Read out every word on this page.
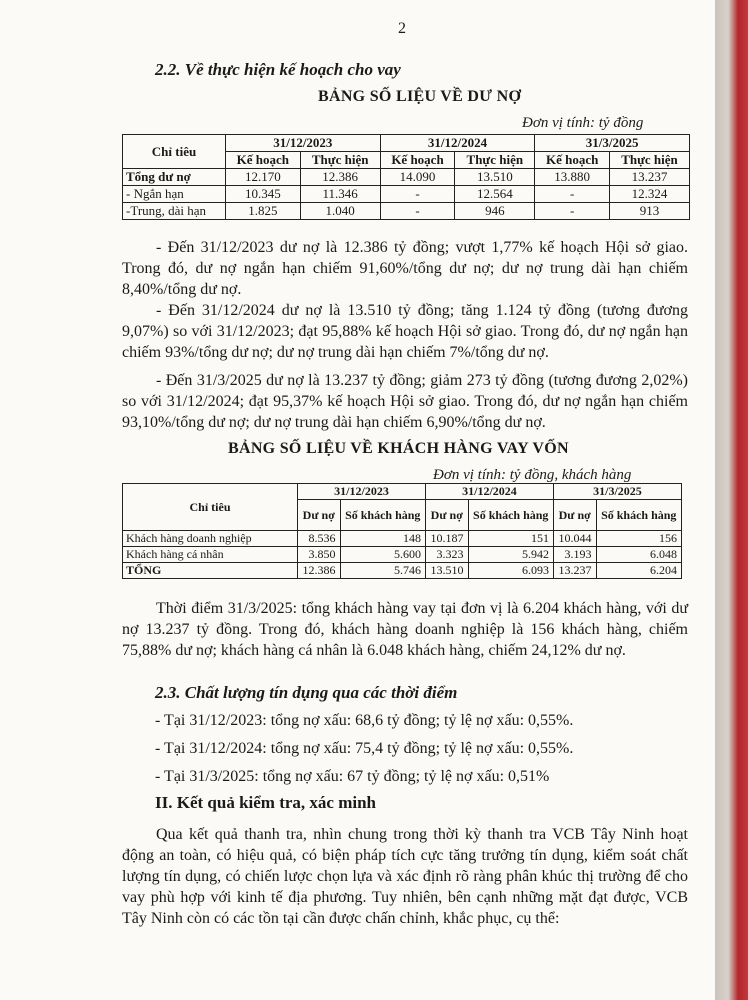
2
2.2. Về thực hiện kế hoạch cho vay
BẢNG SỐ LIỆU VỀ DƯ NỢ
Đơn vị tính: tỷ đồng
Chỉ tiêu	31/12/2023		31/12/2024		31/3/2025	
	Kế hoạch	Thực hiện	Kế hoạch	Thực hiện	Kế hoạch	Thực hiện
Tổng dư nợ	12.170	12.386	14.090	13.510	13.880	13.237
- Ngắn hạn	10.345	11.346	-	12.564	-	12.324
-Trung, dài hạn	1.825	1.040	-	946	-	913
- Đến 31/12/2023 dư nợ là 12.386 tỷ đồng; vượt 1,77% kế hoạch Hội sở giao. Trong đó, dư nợ ngắn hạn chiếm 91,60%/tổng dư nợ; dư nợ trung dài hạn chiếm 8,40%/tổng dư nợ.
- Đến 31/12/2024 dư nợ là 13.510 tỷ đồng; tăng 1.124 tỷ đồng (tương đương 9,07%) so với 31/12/2023; đạt 95,88% kế hoạch Hội sở giao. Trong đó, dư nợ ngắn hạn chiếm 93%/tổng dư nợ; dư nợ trung dài hạn chiếm 7%/tổng dư nợ.
- Đến 31/3/2025 dư nợ là 13.237 tỷ đồng; giảm 273 tỷ đồng (tương đương 2,02%) so với 31/12/2024; đạt 95,37% kế hoạch Hội sở giao. Trong đó, dư nợ ngắn hạn chiếm 93,10%/tổng dư nợ; dư nợ trung dài hạn chiếm 6,90%/tổng dư nợ.
BẢNG SỐ LIỆU VỀ KHÁCH HÀNG VAY VỐN
Đơn vị tính: tỷ đồng, khách hàng
Chỉ tiêu	31/12/2023		31/12/2024		31/3/2025	
	Dư nợ	Số khách hàng	Dư nợ	Số khách hàng	Dư nợ	Số khách hàng
Khách hàng doanh nghiệp	8.536	148	10.187	151	10.044	156
Khách hàng cá nhân	3.850	5.600	3.323	5.942	3.193	6.048
TỔNG	12.386	5.746	13.510	6.093	13.237	6.204
Thời điểm 31/3/2025: tổng khách hàng vay tại đơn vị là 6.204 khách hàng, với dư nợ 13.237 tỷ đồng. Trong đó, khách hàng doanh nghiệp là 156 khách hàng, chiếm 75,88% dư nợ; khách hàng cá nhân là 6.048 khách hàng, chiếm 24,12% dư nợ.
2.3. Chất lượng tín dụng qua các thời điểm
- Tại 31/12/2023: tổng nợ xấu: 68,6 tỷ đồng; tỷ lệ nợ xấu: 0,55%.
- Tại 31/12/2024: tổng nợ xấu: 75,4 tỷ đồng; tỷ lệ nợ xấu: 0,55%.
- Tại 31/3/2025: tổng nợ xấu: 67 tỷ đồng; tỷ lệ nợ xấu: 0,51%
II. Kết quả kiểm tra, xác minh
Qua kết quả thanh tra, nhìn chung trong thời kỳ thanh tra VCB Tây Ninh hoạt động an toàn, có hiệu quả, có biện pháp tích cực tăng trưởng tín dụng, kiểm soát chất lượng tín dụng, có chiến lược chọn lựa và xác định rõ ràng phân khúc thị trường để cho vay phù hợp với kinh tế địa phương. Tuy nhiên, bên cạnh những mặt đạt được, VCB Tây Ninh còn có các tồn tại cần được chấn chỉnh, khắc phục, cụ thể:
